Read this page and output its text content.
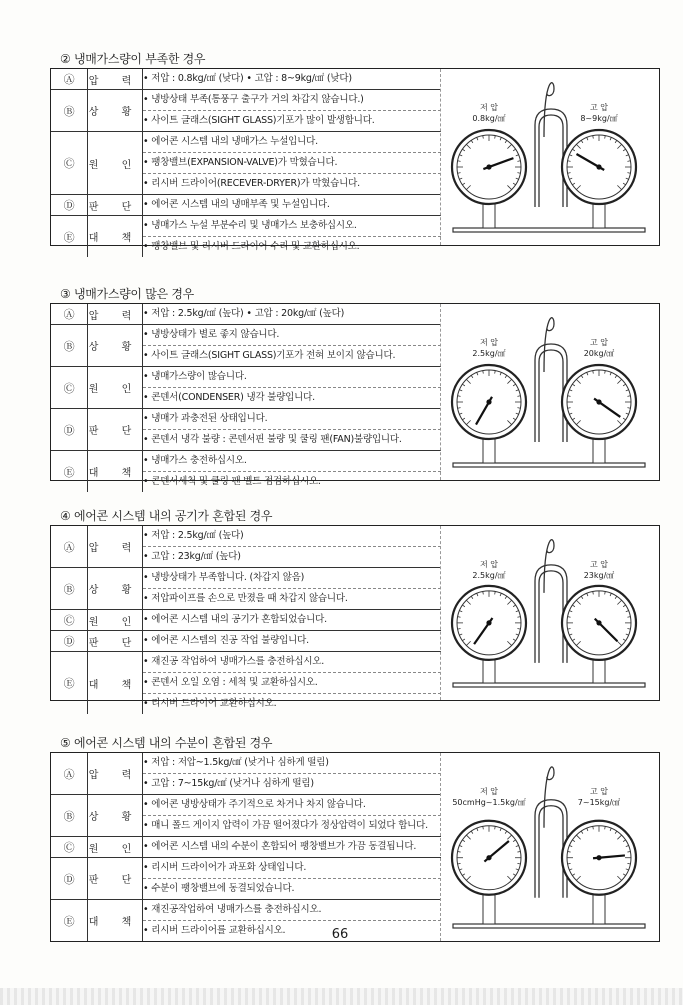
② 냉매가스량이 부족한 경우
Ⓐ	압 력	• 저압 : 0.8kg/㎠ (낮다) • 고압 : 8~9kg/㎠ (낮다)

Ⓑ	상 황	• 냉방상태 부족(통풍구 출구가 거의 차갑지 않습니다.)
• 사이트 글래스(SIGHT GLASS)기포가 많이 발생합니다.

Ⓒ	원 인	• 에어콘 시스템 내의 냉매가스 누설입니다.
• 팽창밸브(EXPANSION-VALVE)가 막혔습니다.
• 리시버 드라이어(RECEVER-DRYER)가 막혔습니다.

Ⓓ	판 단	• 에어콘 시스템 내의 냉매부족 및 누설입니다.

Ⓔ	대 책	• 냉매가스 누설 부분수리 및 냉매가스 보충하십시오.
• 팽창밸브 및 리시버 드라이어 수리 및 교환하십시오.
저 압
0.8kg/㎠
고 압
8~9kg/㎠
③ 냉매가스량이 많은 경우
Ⓐ	압 력	• 저압 : 2.5kg/㎠ (높다) • 고압 : 20kg/㎠ (높다)

Ⓑ	상 황	• 냉방상태가 별로 좋지 않습니다.
• 사이트 글래스(SIGHT GLASS)기포가 전혀 보이지 않습니다.

Ⓒ	원 인	• 냉매가스량이 많습니다.
• 콘덴서(CONDENSER) 냉각 불량입니다.

Ⓓ	판 단	• 냉매가 과충전된 상태입니다.
• 콘덴서 냉각 불량 : 콘덴서핀 불량 및 쿨링 팬(FAN)불량입니다.

Ⓔ	대 책	• 냉매가스 충전하십시오.
• 콘덴서세척 및 쿨링 팬 벨트 점검하십시오.
저 압
2.5kg/㎠
고 압
20kg/㎠
④ 에어콘 시스템 내의 공기가 혼합된 경우
Ⓐ	압 력	• 저압 : 2.5kg/㎠ (높다)
• 고압 : 23kg/㎠ (높다)

Ⓑ	상 황	• 냉방상태가 부족합니다. (차갑지 않음)
• 저압파이프를 손으로 만졌을 때 차갑지 않습니다.

Ⓒ	원 인	• 에어콘 시스템 내의 공기가 혼합되었습니다.

Ⓓ	판 단	• 에어콘 시스템의 진공 작업 불량입니다.

Ⓔ	대 책	• 재진공 작업하여 냉매가스를 충전하십시오.
• 콘덴서 오일 오염 : 세척 및 교환하십시오.
• 리시버 드라이어 교환하십시오.
저 압
2.5kg/㎠
고 압
23kg/㎠
⑤ 에어콘 시스템 내의 수분이 혼합된 경우
Ⓐ	압 력	• 저압 : 저압~1.5kg/㎠ (낮거나 심하게 떨림)
• 고압 : 7~15kg/㎠ (낮거나 심하게 떨림)

Ⓑ	상 황	• 에어콘 냉방상태가 주기적으로 차거나 차지 않습니다.
• 매니 폴드 게이지 압력이 가끔 떨어졌다가 정상압력이 되었다 합니다.

Ⓒ	원 인	• 에어콘 시스템 내의 수분이 혼합되어 팽창밸브가 가끔 동결됩니다.

Ⓓ	판 단	• 리시버 드라이어가 과포화 상태입니다.
• 수분이 팽창밸브에 동결되었습니다.

Ⓔ	대 책	• 재진공작업하여 냉매가스를 충전하십시오.
• 리시버 드라이어를 교환하십시오.
저 압
50cmHg~1.5kg/㎠
고 압
7~15kg/㎠
66
